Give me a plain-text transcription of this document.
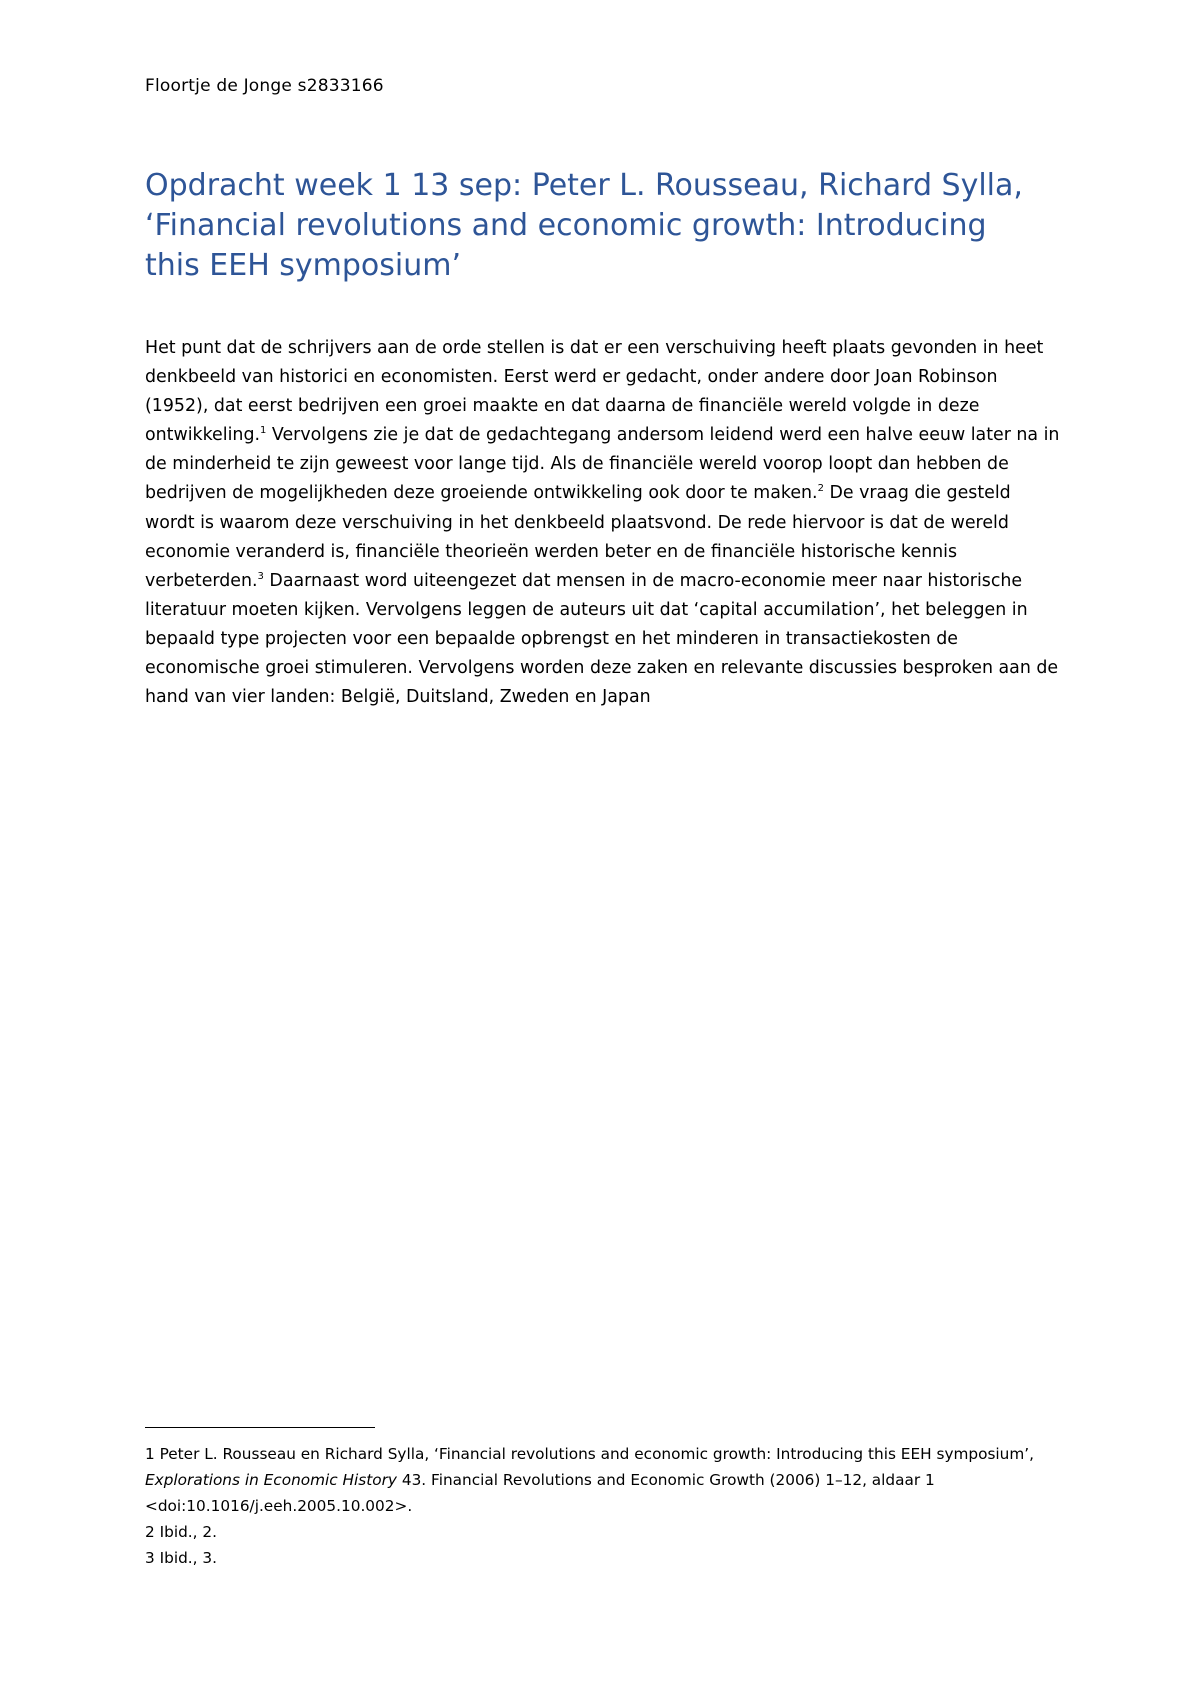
Floortje de Jonge s2833166
Opdracht week 1 13 sep: Peter L. Rousseau, Richard Sylla, ‘Financial revolutions and economic growth: Introducing this EEH symposium’

Het punt dat de schrijvers aan de orde stellen is dat er een verschuiving heeft plaats gevonden in heet denkbeeld van historici en economisten. Eerst werd er gedacht, onder andere door Joan Robinson (1952), dat eerst bedrijven een groei maakte en dat daarna de financiële wereld volgde in deze ontwikkeling.$^1$ Vervolgens zie je dat de gedachtegang andersom leidend werd een halve eeuw later na in de minderheid te zijn geweest voor lange tijd. Als de financiële wereld voorop loopt dan hebben de bedrijven de mogelijkheden deze groeiende ontwikkeling ook door te maken.$^2$ De vraag die gesteld wordt is waarom deze verschuiving in het denkbeeld plaatsvond. De rede hiervoor is dat de wereld economie veranderd is, financiële theorieën werden beter en de financiële historische kennis verbeterden.$^3$ Daarnaast word uiteengezet dat mensen in de macro-economie meer naar historische literatuur moeten kijken. Vervolgens leggen de auteurs uit dat ‘capital accumilation’, het beleggen in bepaald type projecten voor een bepaalde opbrengst en het minderen in transactiekosten de economische groei stimuleren. Vervolgens worden deze zaken en relevante discussies besproken aan de hand van vier landen: België, Duitsland, Zweden en Japan

1 Peter L. Rousseau en Richard Sylla, ‘Financial revolutions and economic growth: Introducing this EEH symposium’, Explorations in Economic History 43. Financial Revolutions and Economic Growth (2006) 1–12, aldaar 1 <doi:10.1016/j.eeh.2005.10.002>.

2 Ibid., 2.

3 Ibid., 3.
